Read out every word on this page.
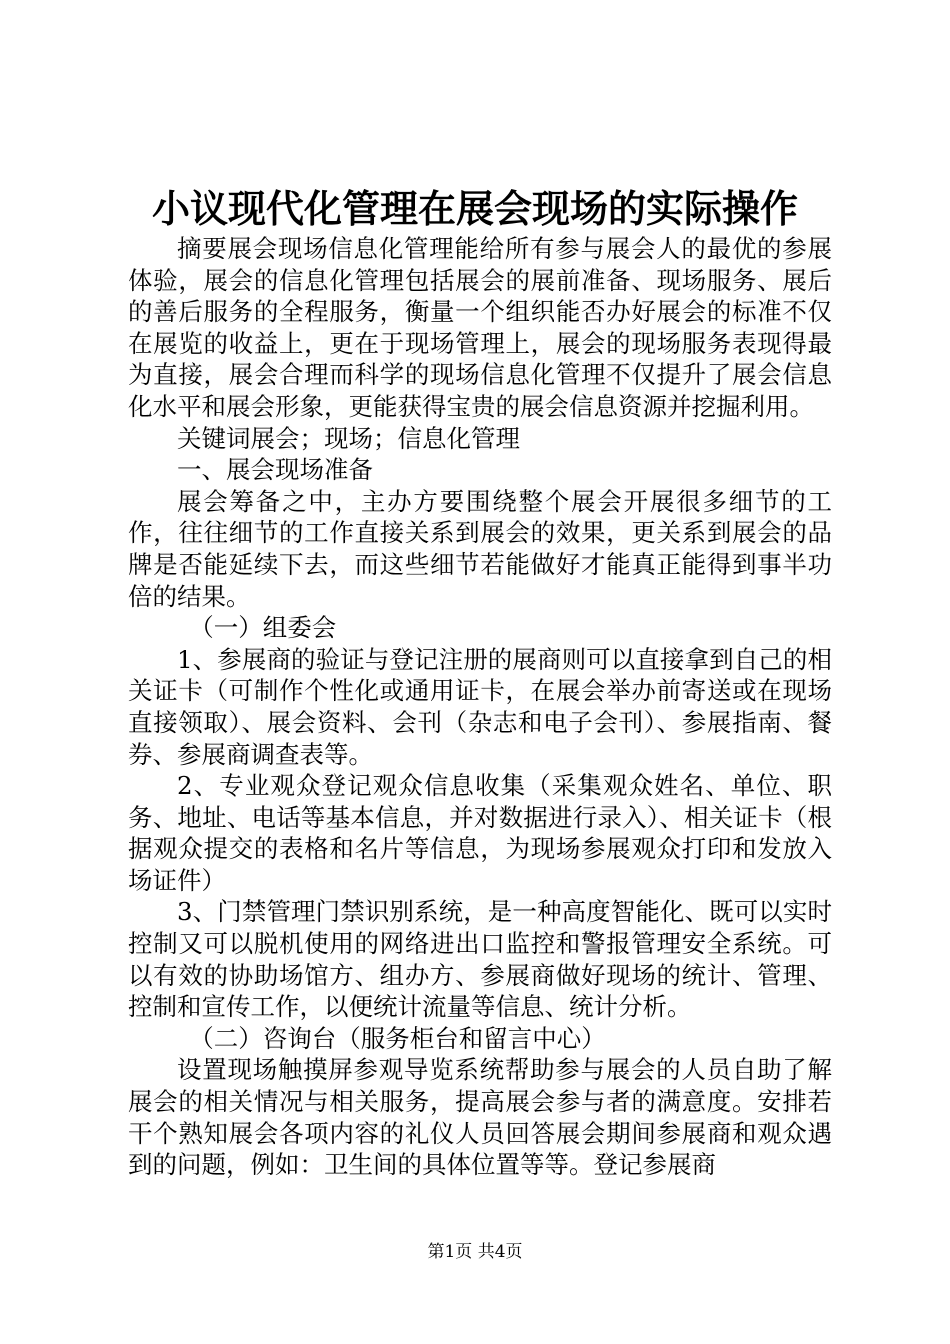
小议现代化管理在展会现场的实际操作

摘要展会现场信息化管理能给所有参与展会人的最优的参展体验，展会的信息化管理包括展会的展前准备、现场服务、展后的善后服务的全程服务，衡量一个组织能否办好展会的标准不仅在展览的收益上，更在于现场管理上，展会的现场服务表现得最为直接，展会合理而科学的现场信息化管理不仅提升了展会信息化水平和展会形象，更能获得宝贵的展会信息资源并挖掘利用。

关键词展会；现场；信息化管理

一、展会现场准备

展会筹备之中，主办方要围绕整个展会开展很多细节的工作，往往细节的工作直接关系到展会的效果，更关系到展会的品牌是否能延续下去，而这些细节若能做好才能真正能得到事半功倍的结果。

（一）组委会

1、参展商的验证与登记注册的展商则可以直接拿到自己的相关证卡（可制作个性化或通用证卡，在展会举办前寄送或在现场直接领取）、展会资料、会刊（杂志和电子会刊）、参展指南、餐券、参展商调查表等。

2、专业观众登记观众信息收集（采集观众姓名、单位、职务、地址、电话等基本信息，并对数据进行录入）、相关证卡（根据观众提交的表格和名片等信息，为现场参展观众打印和发放入场证件）

3、门禁管理门禁识别系统，是一种高度智能化、既可以实时控制又可以脱机使用的网络进出口监控和警报管理安全系统。可以有效的协助场馆方、组办方、参展商做好现场的统计、管理、控制和宣传工作，以便统计流量等信息、统计分析。

（二）咨询台（服务柜台和留言中心）

设置现场触摸屏参观导览系统帮助参与展会的人员自助了解展会的相关情况与相关服务，提高展会参与者的满意度。安排若干个熟知展会各项内容的礼仪人员回答展会期间参展商和观众遇到的问题，例如：卫生间的具体位置等等。登记参展商

第1页 共4页
